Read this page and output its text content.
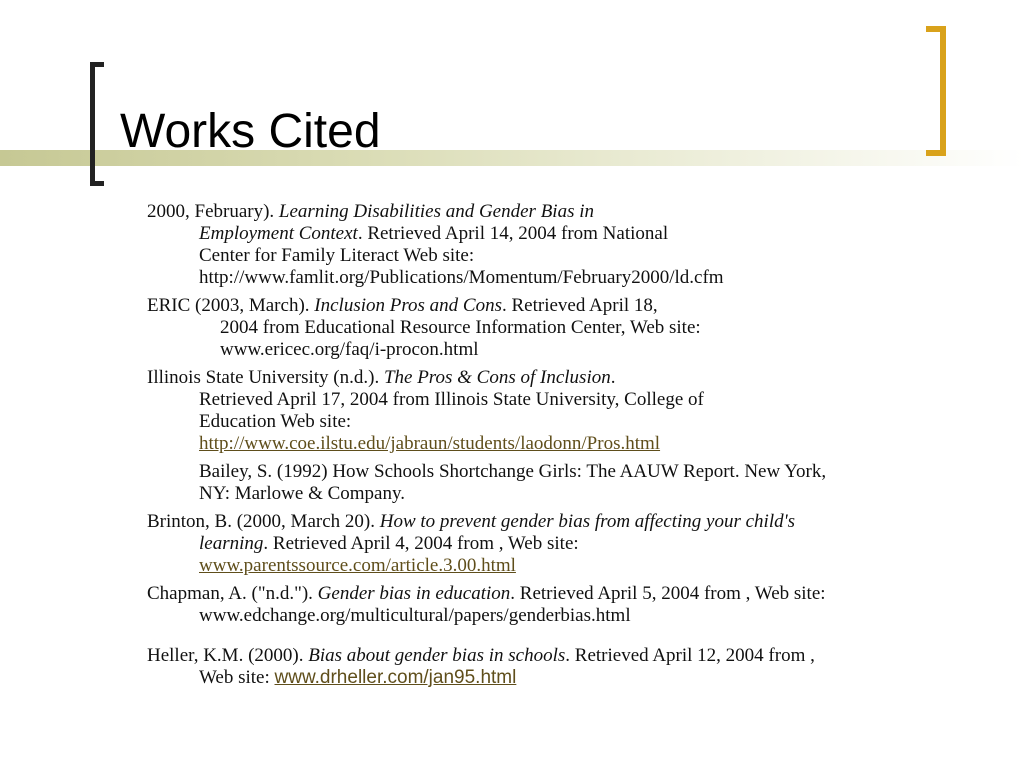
Works Cited
2000, February). Learning Disabilities and Gender Bias in
Employment Context. Retrieved April 14, 2004 from National
Center for Family Literact Web site:
http://www.famlit.org/Publications/Momentum/February2000/ld.cfm
ERIC (2003, March). Inclusion Pros and Cons. Retrieved April 18,
2004 from Educational Resource Information Center, Web site:
www.ericec.org/faq/i-procon.html
Illinois State University (n.d.). The Pros & Cons of Inclusion.
Retrieved April 17, 2004 from Illinois State University, College of
Education Web site:
http://www.coe.ilstu.edu/jabraun/students/laodonn/Pros.html
Bailey, S. (1992) How Schools Shortchange Girls: The AAUW Report. New York,
NY: Marlowe & Company.
Brinton, B. (2000, March 20). How to prevent gender bias from affecting your child's
learning. Retrieved April 4, 2004 from , Web site:
www.parentssource.com/article.3.00.html
Chapman, A. ("n.d."). Gender bias in education. Retrieved April 5, 2004 from , Web site:
www.edchange.org/multicultural/papers/genderbias.html
Heller, K.M. (2000). Bias about gender bias in schools. Retrieved April 12, 2004 from ,
Web site: www.drheller.com/jan95.html
